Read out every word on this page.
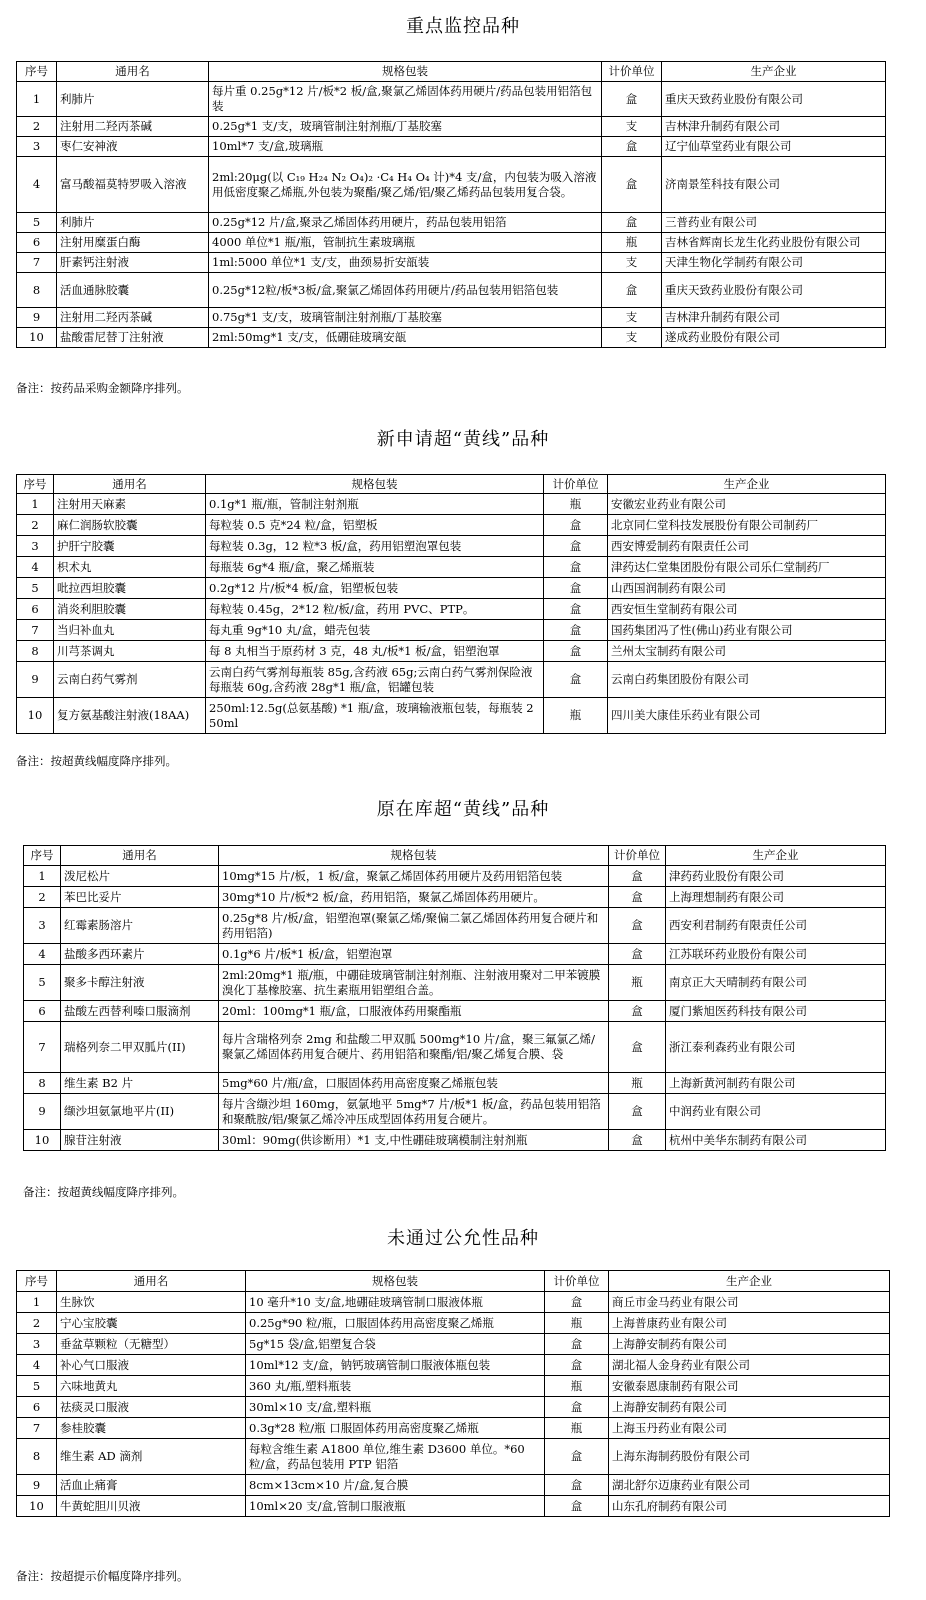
重点监控品种
序号	通用名	规格包装	计价单位	生产企业
1	利肺片	每片重 0.25g*12 片/板*2 板/盒,聚氯乙烯固体药用硬片/药品包装用铝箔包装	盒	重庆天致药业股份有限公司
2	注射用二羟丙茶碱	0.25g*1 支/支，玻璃管制注射剂瓶/丁基胶塞	支	吉林津升制药有限公司
3	枣仁安神液	10ml*7 支/盒,玻璃瓶	盒	辽宁仙草堂药业有限公司
4	富马酸福莫特罗吸入溶液	2ml:20μg(以 C₁₉ H₂₄ N₂ O₄)₂ ·C₄ H₄ O₄ 计)*4 支/盒，内包装为吸入溶液用低密度聚乙烯瓶,外包装为聚酯/聚乙烯/铝/聚乙烯药品包装用复合袋。	盒	济南景笙科技有限公司
5	利肺片	0.25g*12 片/盒,聚录乙烯固体药用硬片，药品包装用铝箔	盒	三普药业有限公司
6	注射用糜蛋白酶	4000 单位*1 瓶/瓶，管制抗生素玻璃瓶	瓶	吉林省辉南长龙生化药业股份有限公司
7	肝素钙注射液	1ml:5000 单位*1 支/支，曲颈易折安瓿装	支	天津生物化学制药有限公司
8	活血通脉胶囊	0.25g*12粒/板*3板/盒,聚氯乙烯固体药用硬片/药品包装用铝箔包装	盒	重庆天致药业股份有限公司
9	注射用二羟丙茶碱	0.75g*1 支/支，玻璃管制注射剂瓶/丁基胶塞	支	吉林津升制药有限公司
10	盐酸雷尼替丁注射液	2ml:50mg*1 支/支，低硼硅玻璃安瓿	支	遂成药业股份有限公司
备注：按药品采购金额降序排列。
新申请超“黄线”品种
序号	通用名	规格包装	计价单位	生产企业
1	注射用天麻素	0.1g*1 瓶/瓶，管制注射剂瓶	瓶	安徽宏业药业有限公司
2	麻仁润肠软胶囊	每粒装 0.5 克*24 粒/盒，铝塑板	盒	北京同仁堂科技发展股份有限公司制药厂
3	护肝宁胶囊	每粒装 0.3g，12 粒*3 板/盒，药用铝塑泡罩包装	盒	西安博爱制药有限责任公司
4	枳术丸	每瓶装 6g*4 瓶/盒，聚乙烯瓶装	盒	津药达仁堂集团股份有限公司乐仁堂制药厂
5	吡拉西坦胶囊	0.2g*12 片/板*4 板/盒，铝塑板包装	盒	山西国润制药有限公司
6	消炎利胆胶囊	每粒装 0.45g，2*12 粒/板/盒，药用 PVC、PTP。	盒	西安恒生堂制药有限公司
7	当归补血丸	每丸重 9g*10 丸/盒，蜡壳包装	盒	国药集团冯了性(佛山)药业有限公司
8	川芎茶调丸	每 8 丸相当于原药材 3 克，48 丸/板*1 板/盒，铝塑泡罩	盒	兰州太宝制药有限公司
9	云南白药气雾剂	云南白药气雾剂每瓶装 85g,含药液 65g;云南白药气雾剂保险液每瓶装 60g,含药液 28g*1 瓶/盒，铝罐包装	盒	云南白药集团股份有限公司
10	复方氨基酸注射液(18AA)	250ml:12.5g(总氨基酸) *1 瓶/盒，玻璃输液瓶包装，每瓶装 250ml	瓶	四川美大康佳乐药业有限公司
备注：按超黄线幅度降序排列。
原在库超“黄线”品种
序号	通用名	规格包装	计价单位	生产企业
1	泼尼松片	10mg*15 片/板，1 板/盒，聚氯乙烯固体药用硬片及药用铝箔包装	盒	津药药业股份有限公司
2	苯巴比妥片	30mg*10 片/板*2 板/盒，药用铝箔，聚氯乙烯固体药用硬片。	盒	上海理想制药有限公司
3	红霉素肠溶片	0.25g*8 片/板/盒，铝塑泡罩(聚氯乙烯/聚偏二氯乙烯固体药用复合硬片和药用铝箔)	盒	西安利君制药有限责任公司
4	盐酸多西环素片	0.1g*6 片/板*1 板/盒，铝塑泡罩	盒	江苏联环药业股份有限公司
5	聚多卡醇注射液	2ml:20mg*1 瓶/瓶，中硼硅玻璃管制注射剂瓶、注射液用聚对二甲苯镀膜溴化丁基橡胶塞、抗生素瓶用铝塑组合盖。	瓶	南京正大天晴制药有限公司
6	盐酸左西替利嗪口服滴剂	20ml：100mg*1 瓶/盒，口服液体药用聚酯瓶	盒	厦门紫旭医药科技有限公司
7	瑞格列奈二甲双胍片(II)	每片含瑞格列奈 2mg 和盐酸二甲双胍 500mg*10 片/盒，聚三氟氯乙烯/聚氯乙烯固体药用复合硬片、药用铝箔和聚酯/铝/聚乙烯复合膜、袋	盒	浙江泰利森药业有限公司
8	维生素 B2 片	5mg*60 片/瓶/盒，口服固体药用高密度聚乙烯瓶包装	瓶	上海新黄河制药有限公司
9	缬沙坦氨氯地平片(II)	每片含缬沙坦 160mg，氨氯地平 5mg*7 片/板*1 板/盒，药品包装用铝箔和聚酰胺/铝/聚氯乙烯冷冲压成型固体药用复合硬片。	盒	中润药业有限公司
10	腺苷注射液	30ml：90mg(供诊断用）*1 支,中性硼硅玻璃模制注射剂瓶	盒	杭州中美华东制药有限公司
备注：按超黄线幅度降序排列。
未通过公允性品种
序号	通用名	规格包装	计价单位	生产企业
1	生脉饮	10 毫升*10 支/盒,地硼硅玻璃管制口服液体瓶	盒	商丘市金马药业有限公司
2	宁心宝胶囊	0.25g*90 粒/瓶，口服固体药用高密度聚乙烯瓶	瓶	上海普康药业有限公司
3	垂盆草颗粒（无糖型）	5g*15 袋/盒,铝塑复合袋	盒	上海静安制药有限公司
4	补心气口服液	10ml*12 支/盒，钠钙玻璃管制口服液体瓶包装	盒	湖北福人金身药业有限公司
5	六味地黄丸	360 丸/瓶,塑料瓶装	瓶	安徽泰恩康制药有限公司
6	祛痰灵口服液	30ml×10 支/盒,塑料瓶	盒	上海静安制药有限公司
7	参桂胶囊	0.3g*28 粒/瓶 口服固体药用高密度聚乙烯瓶	瓶	上海玉丹药业有限公司
8	维生素 AD 滴剂	每粒含维生素 A1800 单位,维生素 D3600 单位。*60 粒/盒，药品包装用 PTP 铝箔	盒	上海东海制药股份有限公司
9	活血止痛膏	8cm×13cm×10 片/盒,复合膜	盒	湖北舒尔迈康药业有限公司
10	牛黄蛇胆川贝液	10ml×20 支/盒,管制口服液瓶	盒	山东孔府制药有限公司
备注：按超提示价幅度降序排列。
